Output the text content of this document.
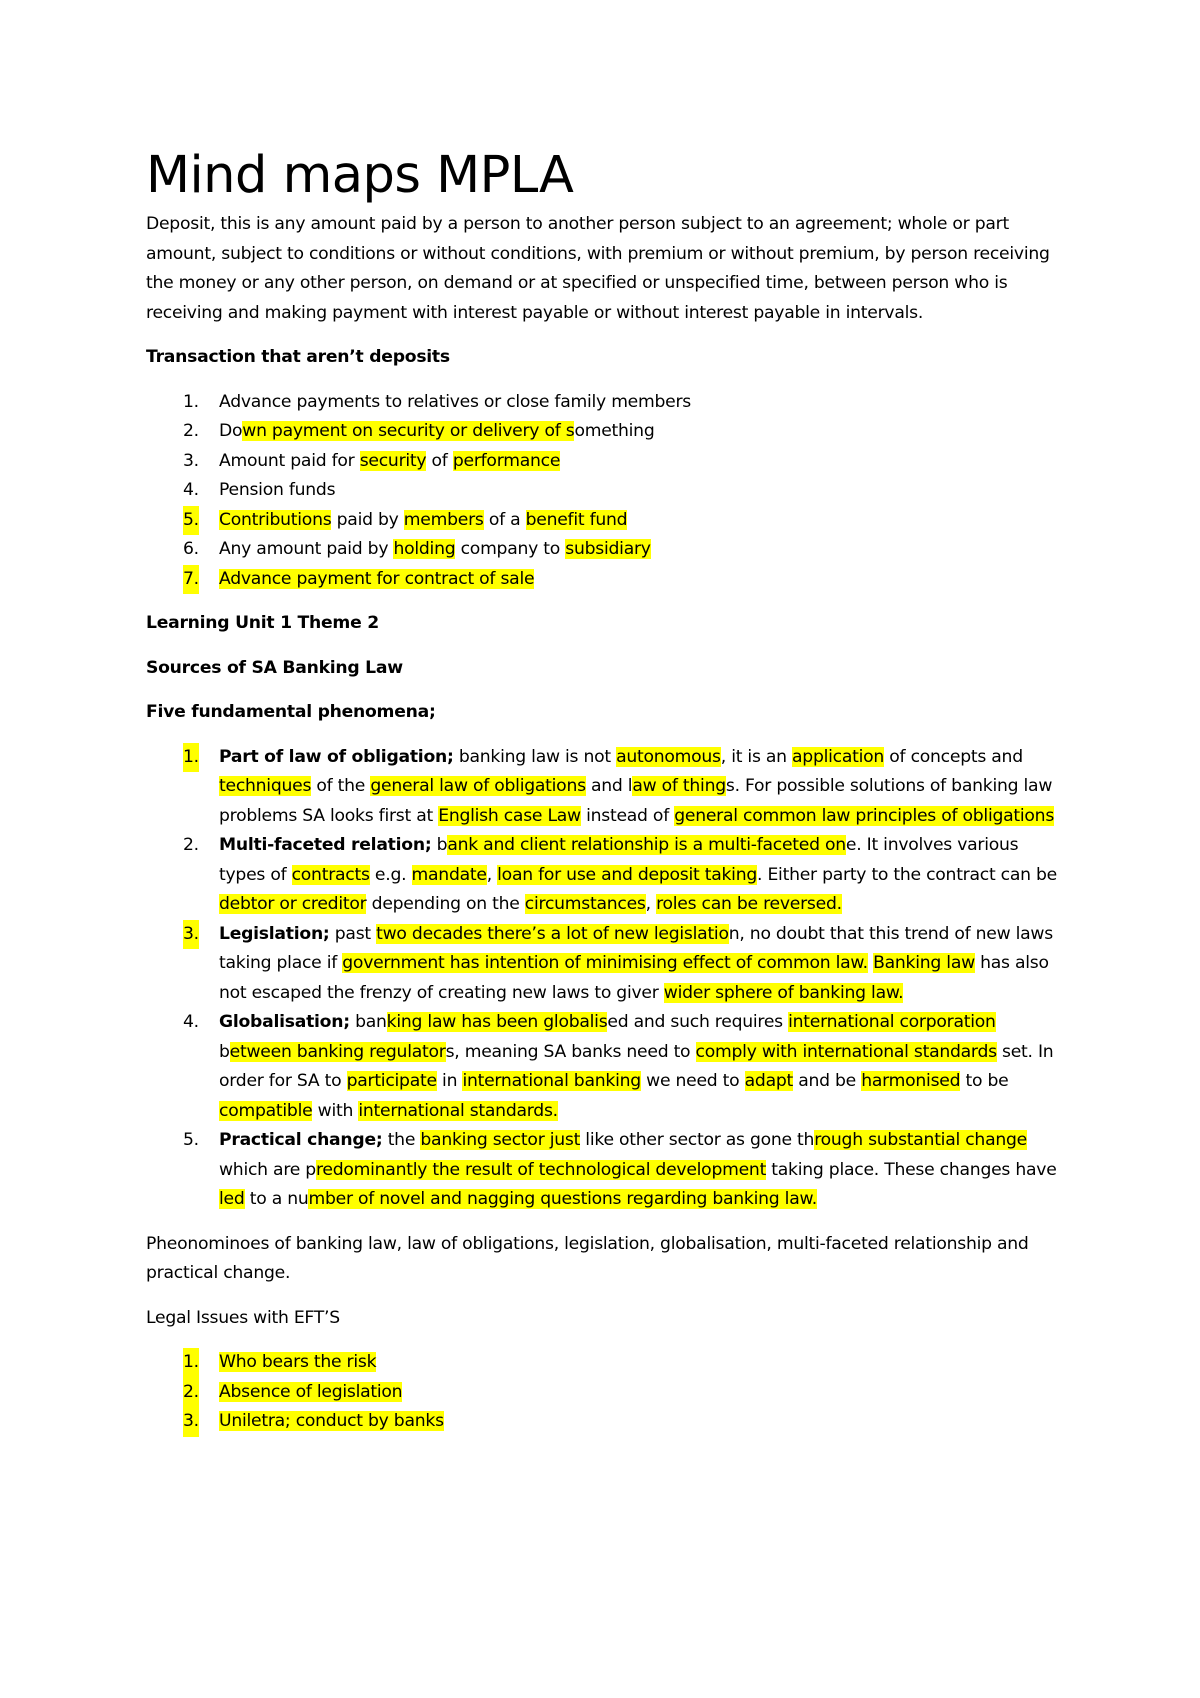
Mind maps MPLA

Deposit, this is any amount paid by a person to another person subject to an agreement; whole or part amount, subject to conditions or without conditions, with premium or without premium, by person receiving the money or any other person, on demand or at specified or unspecified time, between person who is receiving and making payment with interest payable or without interest payable in intervals.

Transaction that aren’t deposits

1. Advance payments to relatives or close family members
2. Down payment on security or delivery of something
3. Amount paid for security of performance
4. Pension funds
5. Contributions paid by members of a benefit fund
6. Any amount paid by holding company to subsidiary
7. Advance payment for contract of sale

Learning Unit 1 Theme 2

Sources of SA Banking Law

Five fundamental phenomena;

1. Part of law of obligation; banking law is not autonomous, it is an application of concepts and techniques of the general law of obligations and law of things. For possible solutions of banking law problems SA looks first at English case Law instead of general common law principles of obligations
2. Multi-faceted relation; bank and client relationship is a multi-faceted one. It involves various types of contracts e.g. mandate, loan for use and deposit taking. Either party to the contract can be debtor or creditor depending on the circumstances, roles can be reversed.
3. Legislation; past two decades there’s a lot of new legislation, no doubt that this trend of new laws taking place if government has intention of minimising effect of common law. Banking law has also not escaped the frenzy of creating new laws to giver wider sphere of banking law.
4. Globalisation; banking law has been globalised and such requires international corporation between banking regulators, meaning SA banks need to comply with international standards set. In order for SA to participate in international banking we need to adapt and be harmonised to be compatible with international standards.
5. Practical change; the banking sector just like other sector as gone through substantial change which are predominantly the result of technological development taking place. These changes have led to a number of novel and nagging questions regarding banking law.

Pheonominoes of banking law, law of obligations, legislation, globalisation, multi-faceted relationship and practical change.

Legal Issues with EFT’S

1. Who bears the risk
2. Absence of legislation
3. Uniletra; conduct by banks
